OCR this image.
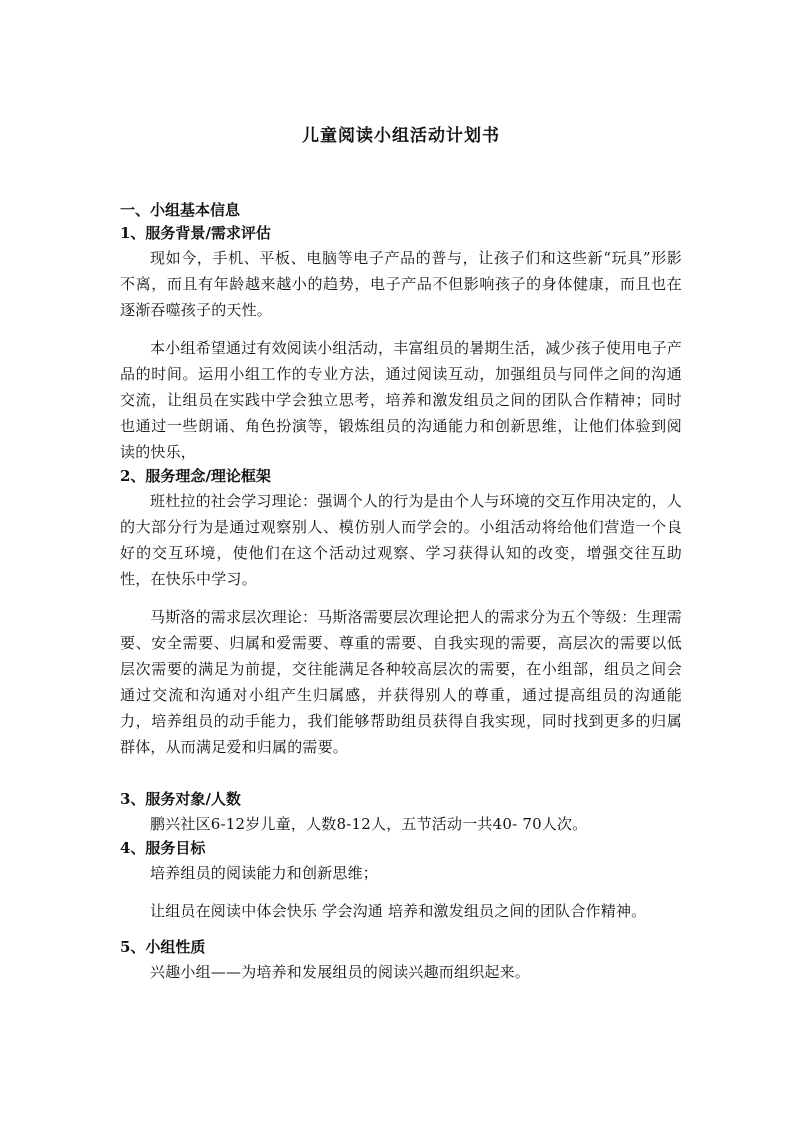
儿童阅读小组活动计划书
一、小组基本信息
1、服务背景/需求评估

现如今，手机、平板、电脑等电子产品的普与，让孩子们和这些新“玩具”形影不离，而且有年龄越来越小的趋势，电子产品不但影响孩子的身体健康，而且也在逐渐吞噬孩子的天性。

本小组希望通过有效阅读小组活动，丰富组员的暑期生活，减少孩子使用电子产品的时间。运用小组工作的专业方法，通过阅读互动，加强组员与同伴之间的沟通交流，让组员在实践中学会独立思考，培养和激发组员之间的团队合作精神；同时也通过一些朗诵、角色扮演等，锻炼组员的沟通能力和创新思维，让他们体验到阅读的快乐，

2、服务理念/理论框架

班杜拉的社会学习理论：强调个人的行为是由个人与环境的交互作用决定的，人的大部分行为是通过观察别人、模仿别人而学会的。小组活动将给他们营造一个良好的交互环境，使他们在这个活动过观察、学习获得认知的改变，增强交往互助性，在快乐中学习。

马斯洛的需求层次理论：马斯洛需要层次理论把人的需求分为五个等级：生理需要、安全需要、归属和爱需要、尊重的需要、自我实现的需要，高层次的需要以低层次需要的满足为前提，交往能满足各种较高层次的需要，在小组部，组员之间会通过交流和沟通对小组产生归属感，并获得别人的尊重，通过提高组员的沟通能力，培养组员的动手能力，我们能够帮助组员获得自我实现，同时找到更多的归属群体，从而满足爱和归属的需要。

3、服务对象/人数

鹏兴社区6-12岁儿童，人数8-12人，五节活动一共40- 70人次。

4、服务目标

培养组员的阅读能力和创新思维；

让组员在阅读中体会快乐 学会沟通 培养和激发组员之间的团队合作精神。

5、小组性质

兴趣小组——为培养和发展组员的阅读兴趣而组织起来。
